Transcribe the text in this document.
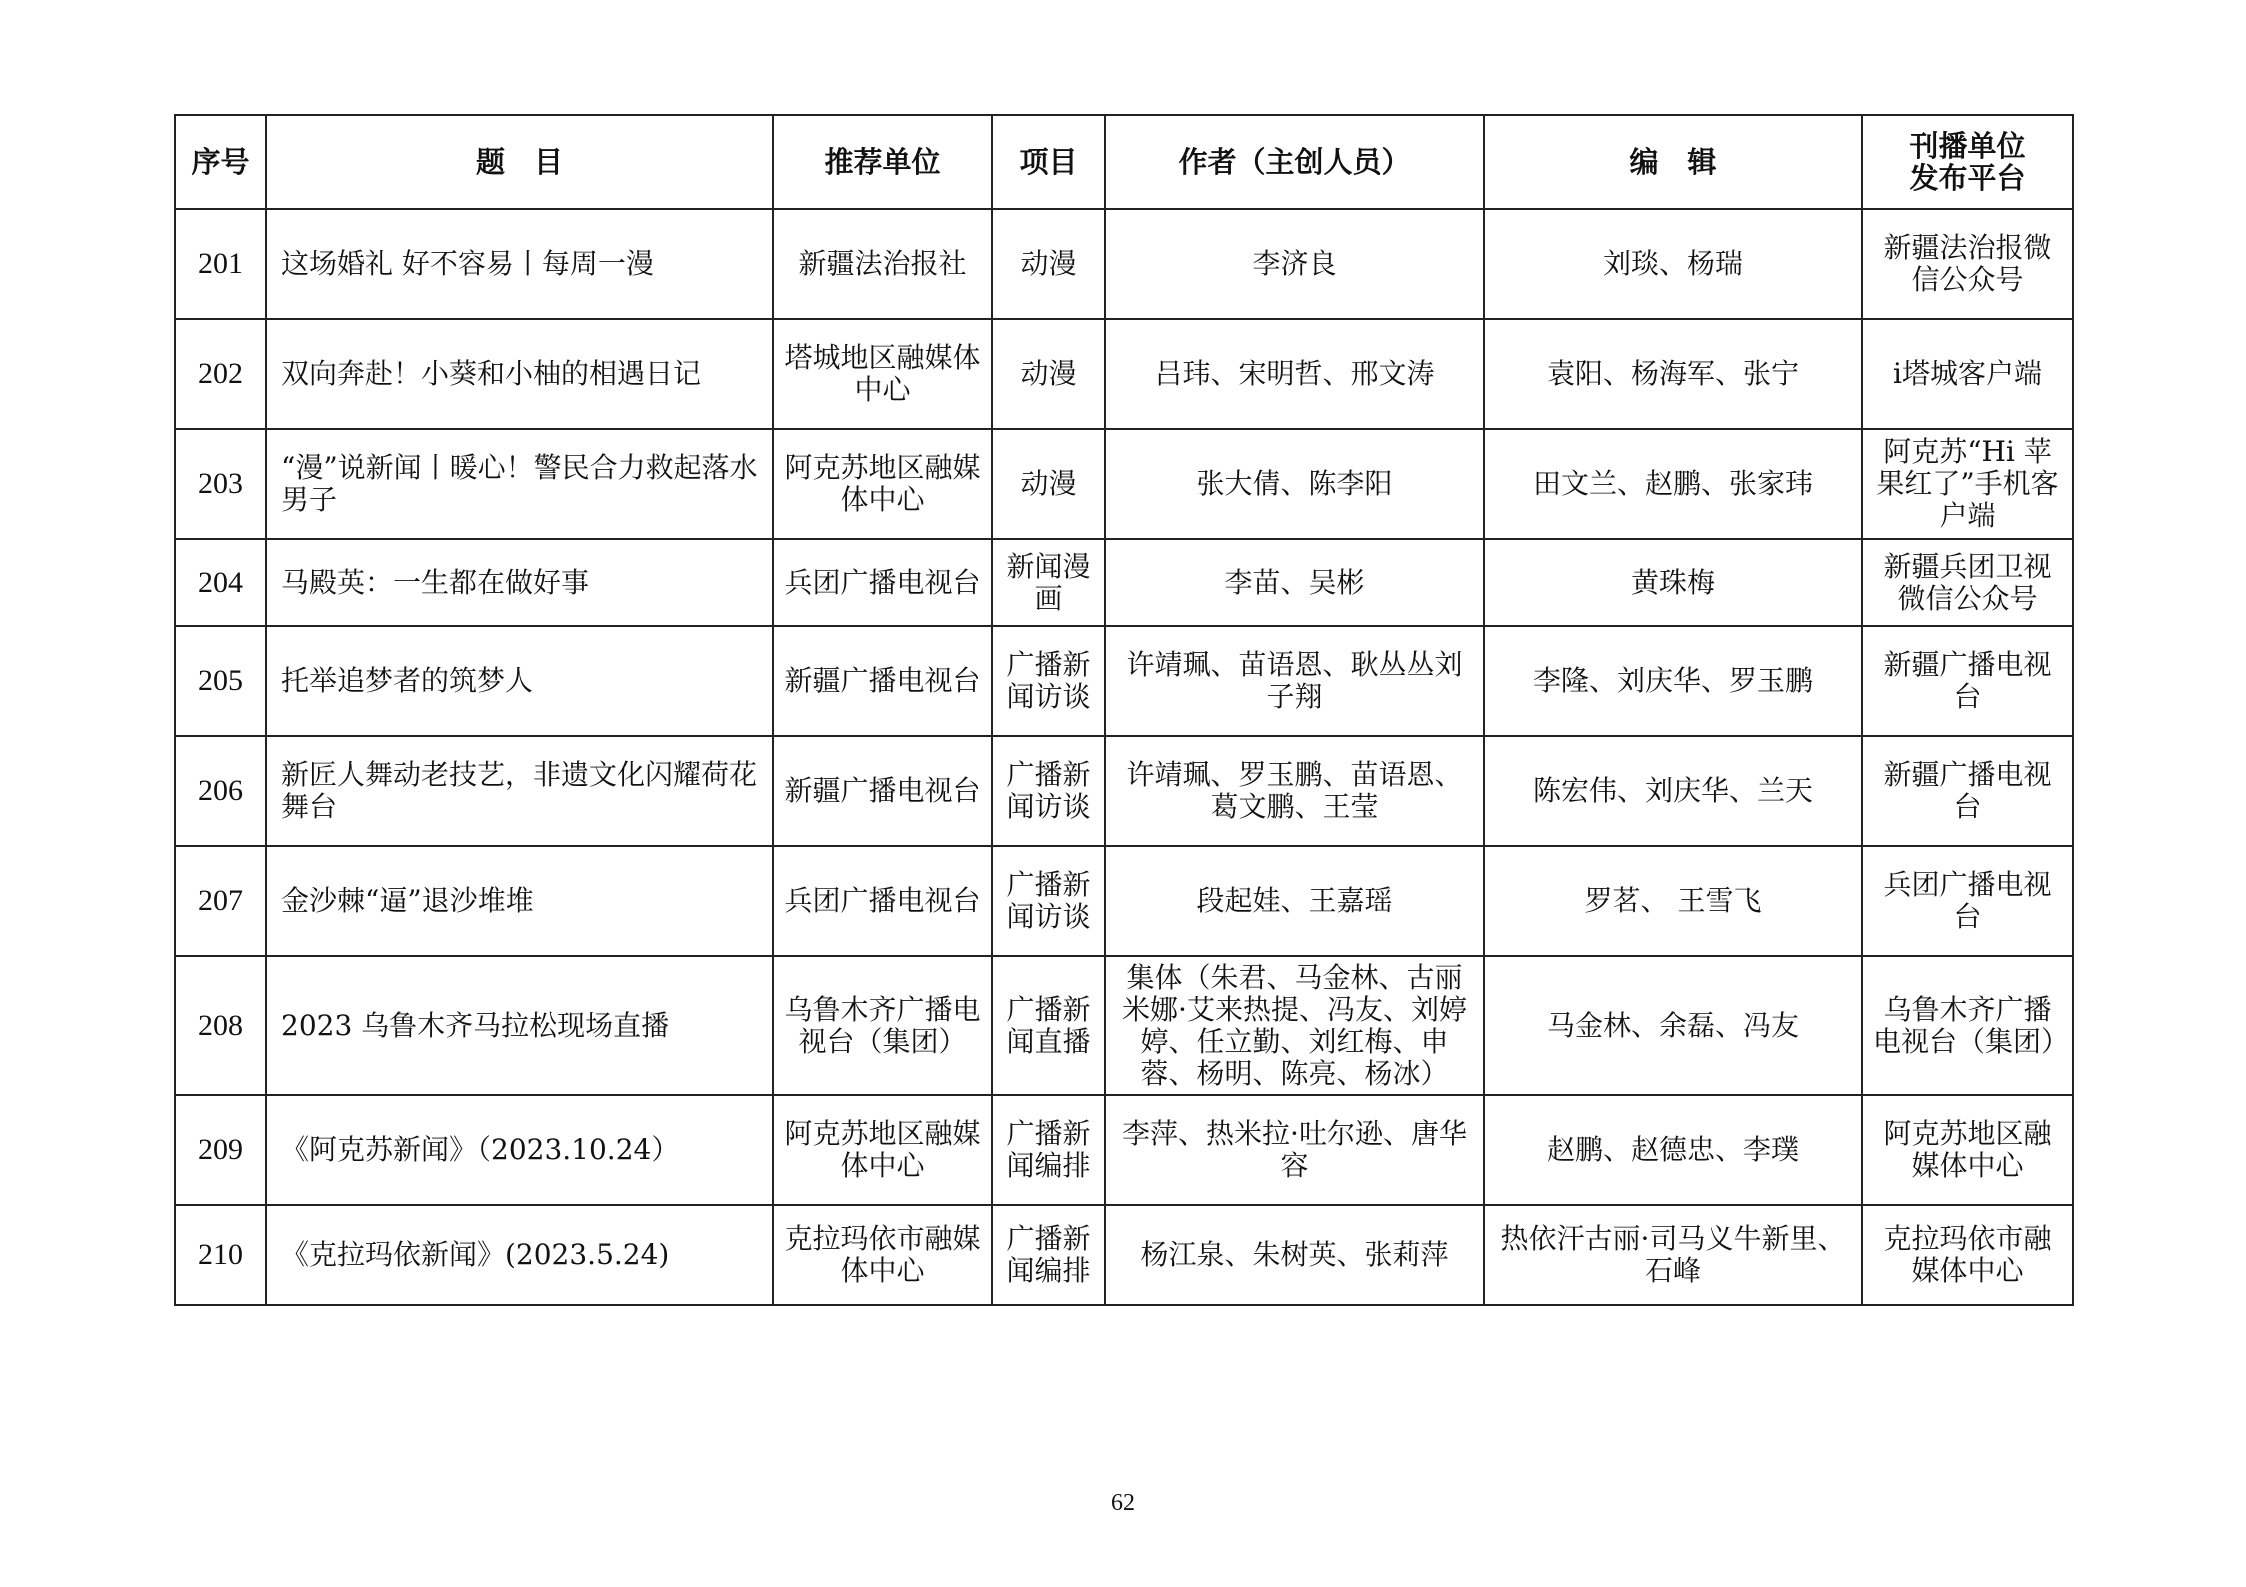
序号	题　目	推荐单位	项目	作者（主创人员）	编　辑	刊播单位
发布平台
201	这场婚礼 好不容易丨每周一漫	新疆法治报社	动漫	李济良	刘琰、杨瑞	新疆法治报微信公众号
202	双向奔赴！小葵和小柚的相遇日记	塔城地区融媒体中心	动漫	吕玮、宋明哲、邢文涛	袁阳、杨海军、张宁	i塔城客户端
203	“漫”说新闻丨暖心！警民合力救起落水男子	阿克苏地区融媒体中心	动漫	张大倩、陈李阳	田文兰、赵鹏、张家玮	阿克苏“Hi 苹果红了”手机客户端
204	马殿英：一生都在做好事	兵团广播电视台	新闻漫画	李苗、吴彬	黄珠梅	新疆兵团卫视微信公众号
205	托举追梦者的筑梦人	新疆广播电视台	广播新闻访谈	许靖珮、苗语恩、耿丛丛刘子翔	李隆、刘庆华、罗玉鹏	新疆广播电视台
206	新匠人舞动老技艺，非遗文化闪耀荷花舞台	新疆广播电视台	广播新闻访谈	许靖珮、罗玉鹏、苗语恩、葛文鹏、王莹	陈宏伟、刘庆华、兰天	新疆广播电视台
207	金沙棘“逼”退沙堆堆	兵团广播电视台	广播新闻访谈	段起娃、王嘉瑶	罗茗、 王雪飞	兵团广播电视台
208	2023 乌鲁木齐马拉松现场直播	乌鲁木齐广播电视台（集团）	广播新闻直播	集体（朱君、马金林、古丽米娜·艾来热提、冯友、刘婷婷、任立勤、刘红梅、申蓉、杨明、陈亮、杨冰）	马金林、余磊、冯友	乌鲁木齐广播电视台（集团）
209	《阿克苏新闻》（2023.10.24）	阿克苏地区融媒体中心	广播新闻编排	李萍、热米拉·吐尔逊、唐华容	赵鹏、赵德忠、李璞	阿克苏地区融媒体中心
210	《克拉玛依新闻》(2023.5.24)	克拉玛依市融媒体中心	广播新闻编排	杨江泉、朱树英、张莉萍	热依汗古丽·司马义牛新里、石峰	克拉玛依市融媒体中心
62
